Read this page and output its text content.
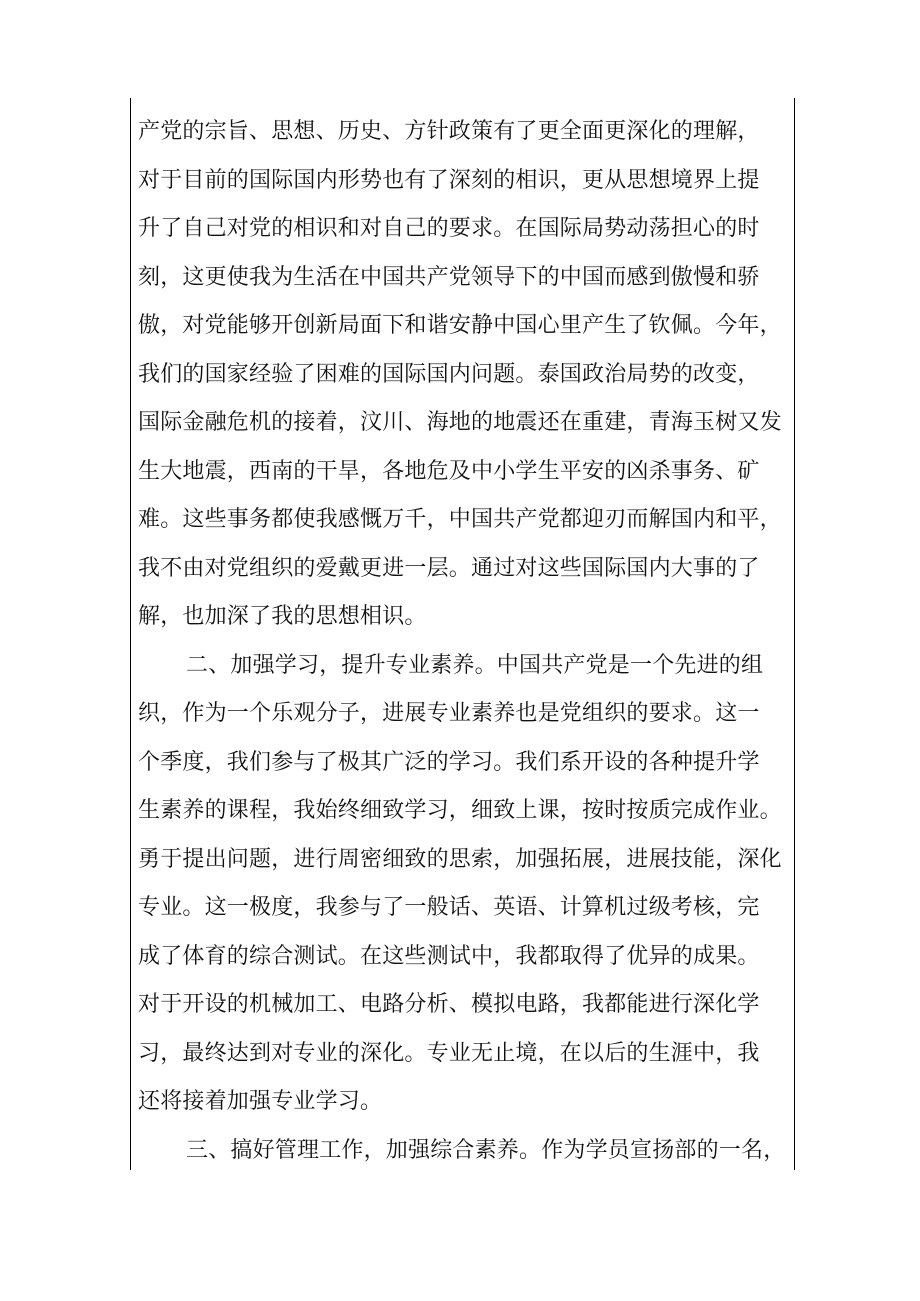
产党的宗旨、思想、历史、方针政策有了更全面更深化的理解，
对于目前的国际国内形势也有了深刻的相识，更从思想境界上提
升了自己对党的相识和对自己的要求。在国际局势动荡担心的时
刻，这更使我为生活在中国共产党领导下的中国而感到傲慢和骄
傲，对党能够开创新局面下和谐安静中国心里产生了钦佩。今年，
我们的国家经验了困难的国际国内问题。泰国政治局势的改变，
国际金融危机的接着，汶川、海地的地震还在重建，青海玉树又发
生大地震，西南的干旱，各地危及中小学生平安的凶杀事务、矿
难。这些事务都使我感慨万千，中国共产党都迎刃而解国内和平，
我不由对党组织的爱戴更进一层。通过对这些国际国内大事的了
解，也加深了我的思想相识。
二、加强学习，提升专业素养。中国共产党是一个先进的组
织，作为一个乐观分子，进展专业素养也是党组织的要求。这一
个季度，我们参与了极其广泛的学习。我们系开设的各种提升学
生素养的课程，我始终细致学习，细致上课，按时按质完成作业。
勇于提出问题，进行周密细致的思索，加强拓展，进展技能，深化
专业。这一极度，我参与了一般话、英语、计算机过级考核，完
成了体育的综合测试。在这些测试中，我都取得了优异的成果。
对于开设的机械加工、电路分析、模拟电路，我都能进行深化学
习，最终达到对专业的深化。专业无止境，在以后的生涯中，我
还将接着加强专业学习。
三、搞好管理工作，加强综合素养。作为学员宣扬部的一名，
